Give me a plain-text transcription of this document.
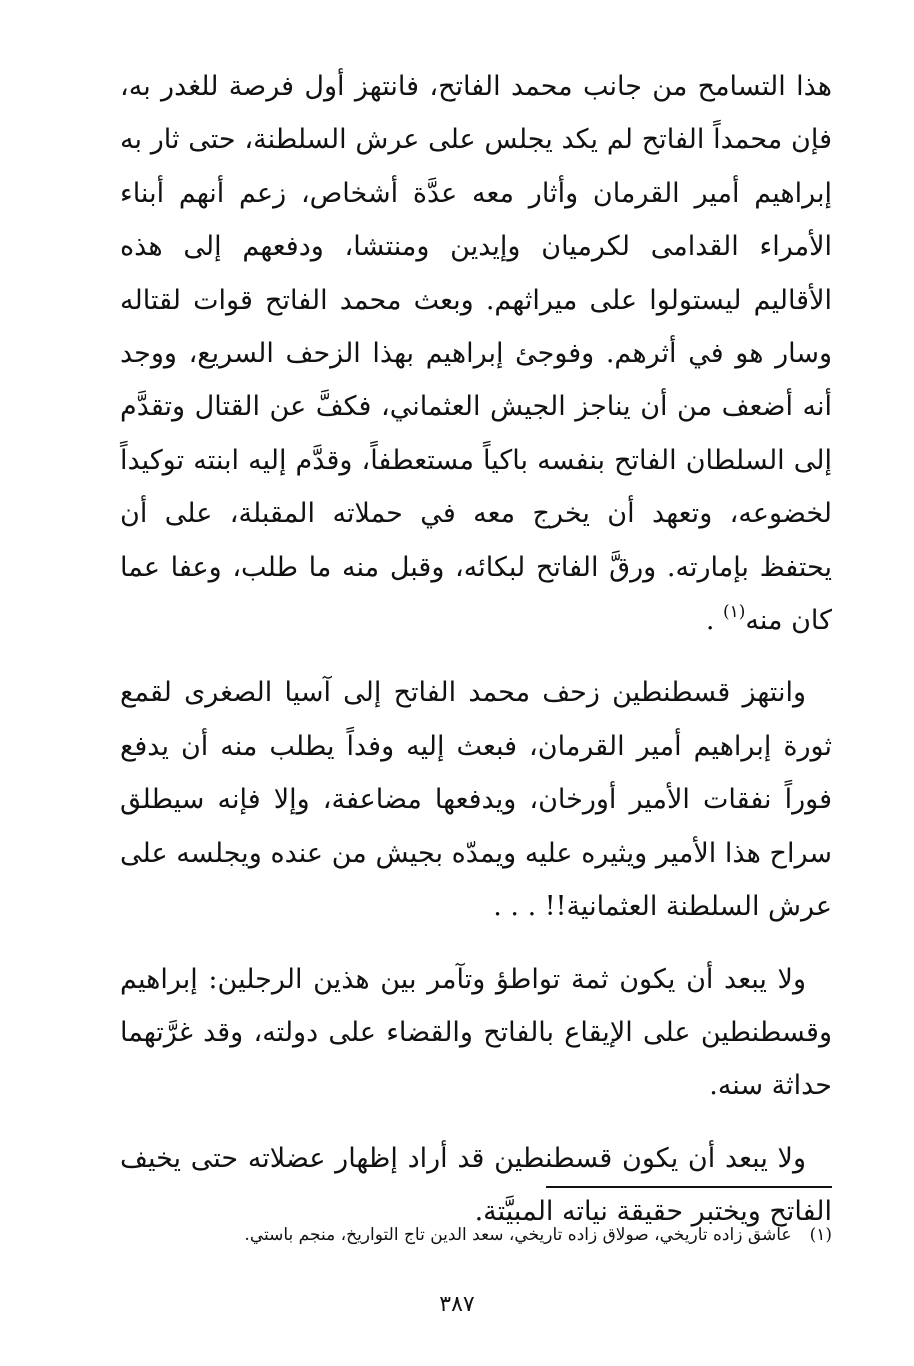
هذا التسامح من جانب محمد الفاتح، فانتهز أول فرصة للغدر به، فإن محمداً الفاتح لم يكد يجلس على عرش السلطنة، حتى ثار به إبراهيم أمير القرمان وأثار معه عدَّة أشخاص، زعم أنهم أبناء الأمراء القدامى لكرميان وإيدين ومنتشا، ودفعهم إلى هذه الأقاليم ليستولوا على ميراثهم. وبعث محمد الفاتح قوات لقتاله وسار هو في أثرهم. وفوجئ إبراهيم بهذا الزحف السريع، ووجد أنه أضعف من أن يناجز الجيش العثماني، فكفَّ عن القتال وتقدَّم إلى السلطان الفاتح بنفسه باكياً مستعطفاً، وقدَّم إليه ابنته توكيداً لخضوعه، وتعهد أن يخرج معه في حملاته المقبلة، على أن يحتفظ بإمارته. ورقَّ الفاتح لبكائه، وقبل منه ما طلب، وعفا عما كان منه$^{(١)}$ .

وانتهز قسطنطين زحف محمد الفاتح إلى آسيا الصغرى لقمع ثورة إبراهيم أمير القرمان، فبعث إليه وفداً يطلب منه أن يدفع فوراً نفقات الأمير أورخان، ويدفعها مضاعفة، وإلا فإنه سيطلق سراح هذا الأمير ويثيره عليه ويمدّه بجيش من عنده ويجلسه على عرش السلطنة العثمانية!! . . .

ولا يبعد أن يكون ثمة تواطؤ وتآمر بين هذين الرجلين: إبراهيم وقسطنطين على الإيقاع بالفاتح والقضاء على دولته، وقد غرَّتهما حداثة سنه.

ولا يبعد أن يكون قسطنطين قد أراد إظهار عضلاته حتى يخيف الفاتح ويختبر حقيقة نياته المبيَّتة.

(١)عاشق زاده تاريخي، صولاق زاده تاريخي، سعد الدين تاج التواريخ، منجم باستي.
٣٨٧
